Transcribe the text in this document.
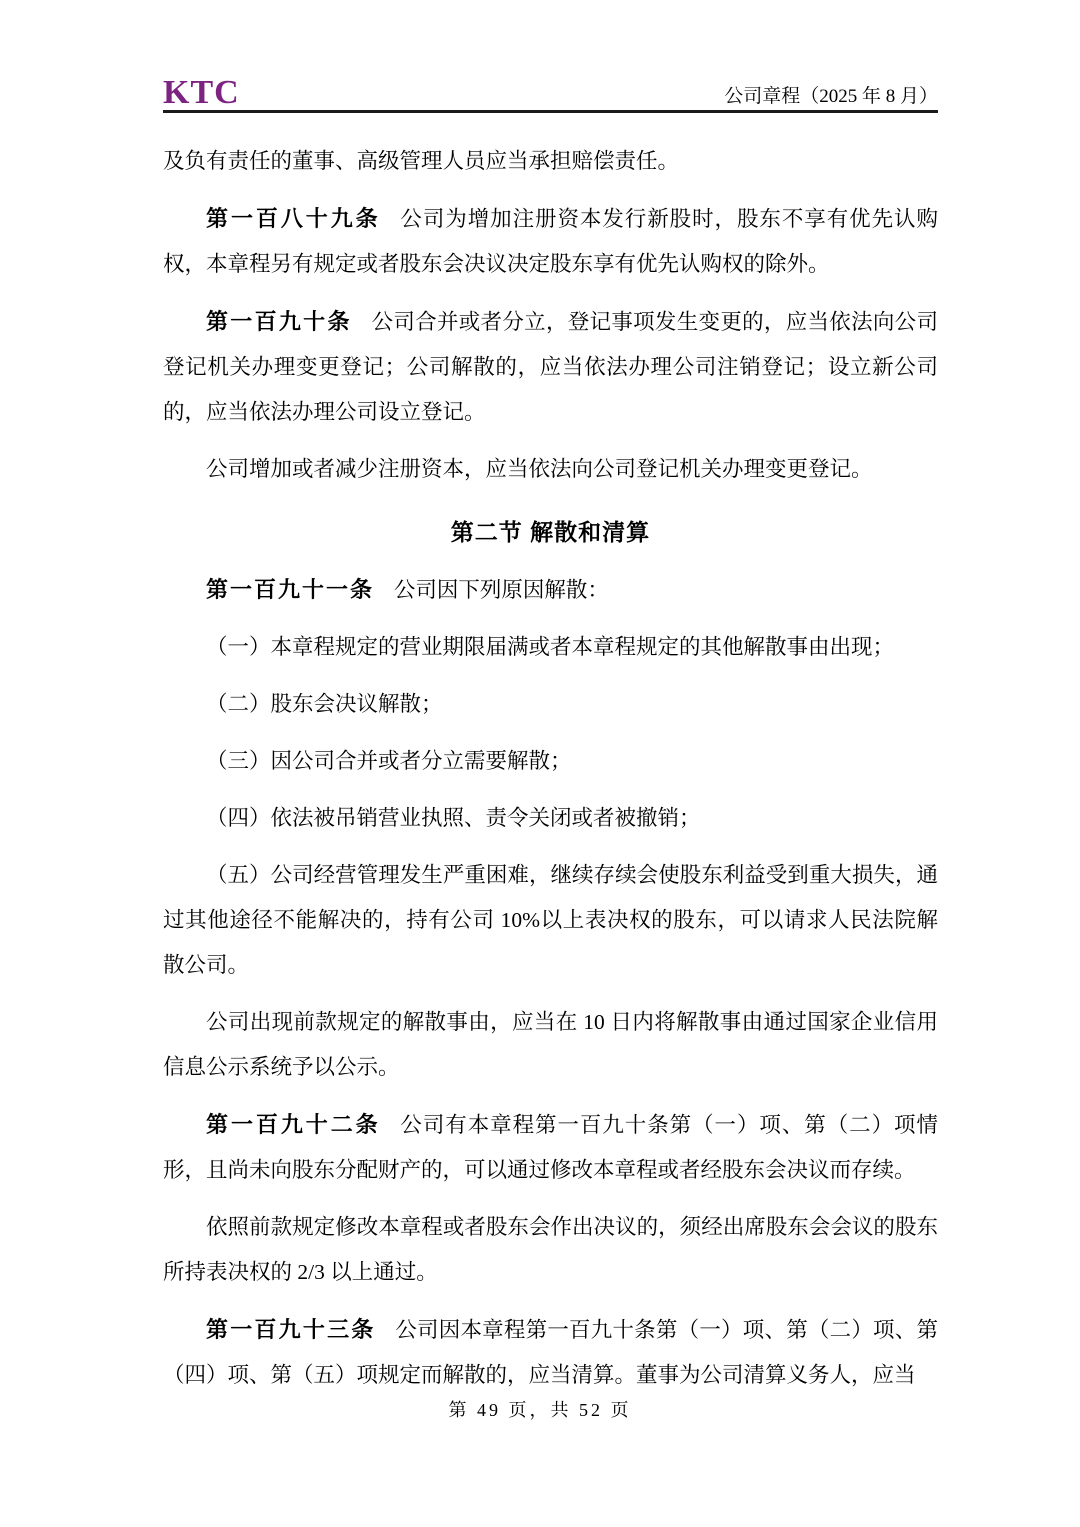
KTC	公司章程（2025 年 8 月）

及负有责任的董事、高级管理人员应当承担赔偿责任。

第一百八十九条 公司为增加注册资本发行新股时，股东不享有优先认购权，本章程另有规定或者股东会决议决定股东享有优先认购权的除外。

第一百九十条 公司合并或者分立，登记事项发生变更的，应当依法向公司登记机关办理变更登记；公司解散的，应当依法办理公司注销登记；设立新公司的，应当依法办理公司设立登记。

公司增加或者减少注册资本，应当依法向公司登记机关办理变更登记。

第二节 解散和清算

第一百九十一条 公司因下列原因解散：

（一）本章程规定的营业期限届满或者本章程规定的其他解散事由出现；

（二）股东会决议解散；

（三）因公司合并或者分立需要解散；

（四）依法被吊销营业执照、责令关闭或者被撤销；

（五）公司经营管理发生严重困难，继续存续会使股东利益受到重大损失，通过其他途径不能解决的，持有公司 10%以上表决权的股东，可以请求人民法院解散公司。

公司出现前款规定的解散事由，应当在 10 日内将解散事由通过国家企业信用信息公示系统予以公示。

第一百九十二条 公司有本章程第一百九十条第（一）项、第（二）项情形，且尚未向股东分配财产的，可以通过修改本章程或者经股东会决议而存续。

依照前款规定修改本章程或者股东会作出决议的，须经出席股东会会议的股东所持表决权的 2/3 以上通过。

第一百九十三条 公司因本章程第一百九十条第（一）项、第（二）项、第（四）项、第（五）项规定而解散的，应当清算。董事为公司清算义务人，应当

第 49 页，共 52 页
